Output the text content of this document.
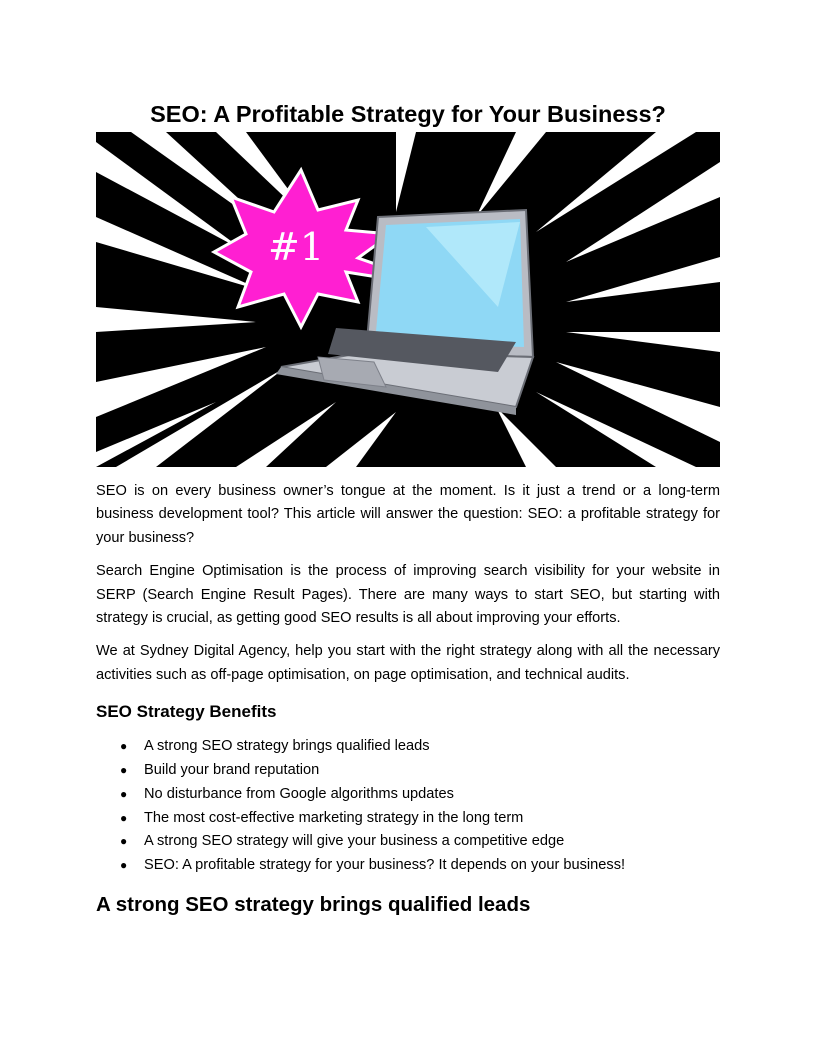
SEO: A Profitable Strategy for Your Business?
#1

SEO is on every business owner’s tongue at the moment. Is it just a trend or a long-term business development tool? This article will answer the question: SEO: a profitable strategy for your business?

Search Engine Optimisation is the process of improving search visibility for your website in SERP (Search Engine Result Pages). There are many ways to start SEO, but starting with strategy is crucial, as getting good SEO results is all about improving your efforts.

We at Sydney Digital Agency, help you start with the right strategy along with all the necessary activities such as off-page optimisation, on page optimisation, and technical audits.

SEO Strategy Benefits
● A strong SEO strategy brings qualified leads
● Build your brand reputation
● No disturbance from Google algorithms updates
● The most cost-effective marketing strategy in the long term
● A strong SEO strategy will give your business a competitive edge
● SEO: A profitable strategy for your business? It depends on your business!
A strong SEO strategy brings qualified leads
